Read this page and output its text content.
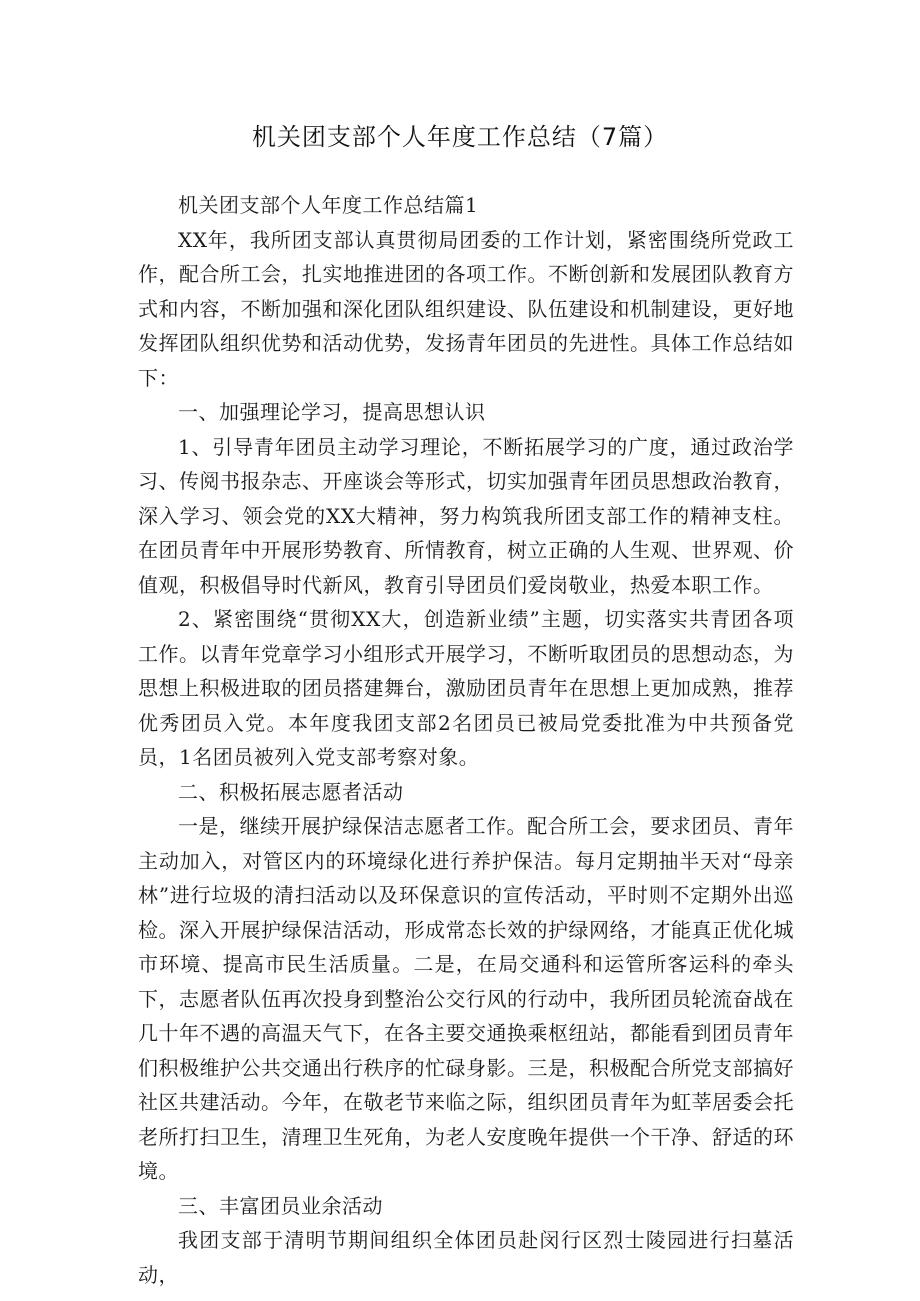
机关团支部个人年度工作总结（7篇）

机关团支部个人年度工作总结篇1

XX年，我所团支部认真贯彻局团委的工作计划，紧密围绕所党政工作，配合所工会，扎实地推进团的各项工作。不断创新和发展团队教育方式和内容，不断加强和深化团队组织建设、队伍建设和机制建设，更好地发挥团队组织优势和活动优势，发扬青年团员的先进性。具体工作总结如下：

一、加强理论学习，提高思想认识

1、引导青年团员主动学习理论，不断拓展学习的广度，通过政治学习、传阅书报杂志、开座谈会等形式，切实加强青年团员思想政治教育，深入学习、领会党的XX大精神，努力构筑我所团支部工作的精神支柱。在团员青年中开展形势教育、所情教育，树立正确的人生观、世界观、价值观，积极倡导时代新风，教育引导团员们爱岗敬业，热爱本职工作。

2、紧密围绕“贯彻XX大，创造新业绩”主题，切实落实共青团各项工作。以青年党章学习小组形式开展学习，不断听取团员的思想动态，为思想上积极进取的团员搭建舞台，激励团员青年在思想上更加成熟，推荐优秀团员入党。本年度我团支部2名团员已被局党委批准为中共预备党员，1名团员被列入党支部考察对象。

二、积极拓展志愿者活动

一是，继续开展护绿保洁志愿者工作。配合所工会，要求团员、青年主动加入，对管区内的环境绿化进行养护保洁。每月定期抽半天对“母亲林”进行垃圾的清扫活动以及环保意识的宣传活动，平时则不定期外出巡检。深入开展护绿保洁活动，形成常态长效的护绿网络，才能真正优化城市环境、提高市民生活质量。二是，在局交通科和运管所客运科的牵头下，志愿者队伍再次投身到整治公交行风的行动中，我所团员轮流奋战在几十年不遇的高温天气下，在各主要交通换乘枢纽站，都能看到团员青年们积极维护公共交通出行秩序的忙碌身影。三是，积极配合所党支部搞好社区共建活动。今年，在敬老节来临之际，组织团员青年为虹莘居委会托老所打扫卫生，清理卫生死角，为老人安度晚年提供一个干净、舒适的环境。

三、丰富团员业余活动

我团支部于清明节期间组织全体团员赴闵行区烈士陵园进行扫墓活动，
